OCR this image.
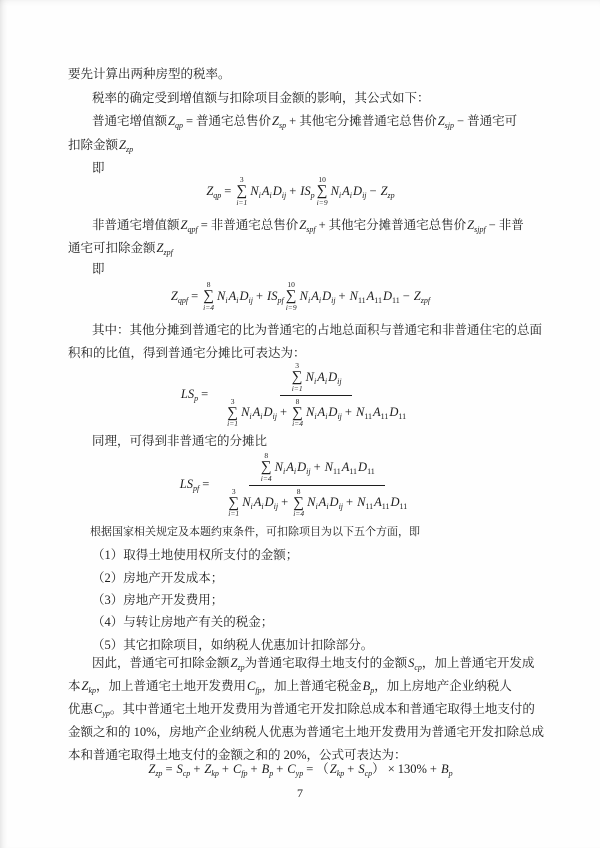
要先计算出两种房型的税率。
税率的确定受到增值额与扣除项目金额的影响，其公式如下：
普通宅增值额$Z_{qp}$ = 普通宅总售价$Z_{sp}$ + 其他宅分摊普通宅总售价$Z_{sjp}$ − 普通宅可
扣除金额$Z_{zp}$
即
$Z_{qp}$ =
3
∑
i=1
$N_i$ $A_i$ $D_{ij} + IS_p$
10
∑
i=9
$N_i$ $A_i$ $D_{ij} - Z_{zp}$
非普通宅增值额$Z_{qpf}$ = 非普通宅总售价$Z_{spf}$ + 其他宅分摊普通宅总售价$Z_{sjpf}$ − 非普
通宅可扣除金额$Z_{zpf}$
即
$Z_{qpf}$ =
8
∑
i=4
$N_i$ $A_i$ $D_{ij} + IS_{pf}$
10
∑
i=9
$N_i$ $A_i$ $D_{ij} + N_{11}$ $A_{11}$ $D_{11} - Z_{zpf}$
其中：其他分摊到普通宅的比为普通宅的占地总面积与普通宅和非普通住宅的总面
积和的比值，得到普通宅分摊比可表达为：
$LS_p = 3$
∑
i=1
$N_i$ $A_i$ $D_{ij}$
3
∑
i=1
$N_i$ $A_i$ $D_{ij}$ +
8
∑
i=4
$N_i$ $A_i$ $D_{ij} + N_{11}$ $A_{11}$ $D_{11}$
同理，可得到非普通宅的分摊比
$LS_{pf} = 8$
∑
i=4
$N_i$ $A_i$ $D_{ij} + N_{11}$ $A_{11}$ $D_{11}$
3
∑
i=1
$N_i$ $A_i$ $D_{ij}$ +
8
∑
i=4
$N_i$ $A_i$ $D_{ij} + N_{11}$ $A_{11}$ $D_{11}$
根据国家相关规定及本题约束条件，可扣除项目为以下五个方面，即
（1）取得土地使用权所支付的金额；
（2）房地产开发成本；
（3）房地产开发费用；
（4）与转让房地产有关的税金；
（5）其它扣除项目，如纳税人优惠加计扣除部分。
因此，普通宅可扣除金额$Z_{zp}$为普通宅取得土地支付的金额$S_{cp}$，加上普通宅开发成
本$Z_{kp}$，加上普通宅土地开发费用$C_{fp}$，加上普通宅税金$B_p$，加上房地产企业纳税人
优惠$C_{yp}$。其中普通宅土地开发费用为普通宅开发扣除总成本和普通宅取得土地支付的
金额之和的 10%，房地产企业纳税人优惠为普通宅土地开发费用为普通宅开发扣除总成
本和普通宅取得土地支付的金额之和的 20%，公式可表达为：
$Z_{zp} = S_{cp} + Z_{kp} + C_{fp} + B_p + C_{yp}$ = （ $Z_{kp} + S_{cp}$ ） × $130\% + B_p$
7
